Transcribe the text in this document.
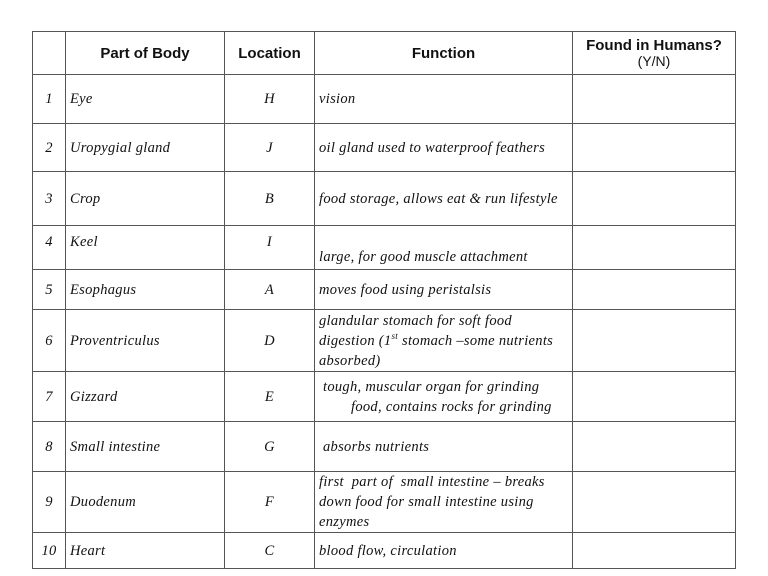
	Part of Body	Location	Function	Found in Humans?
(Y/N)

1	Eye	H	vision	
2	Uropygial gland	J	oil gland used to waterproof feathers	
3	Crop	B	food storage, allows eat & run lifestyle	
4	Keel	I	large, for good muscle attachment	
5	Esophagus	A	moves food using peristalsis	
6	Proventriculus	D	glandular stomach for soft food digestion (1st stomach –some nutrients absorbed)	
7	Gizzard	E	tough, muscular organ for grinding
food, contains rocks for grinding	

8	Small intestine	G	absorbs nutrients	
9	Duodenum	F	first  part of  small intestine – breaks down food for small intestine using enzymes	
10	Heart	C	blood flow, circulation	
